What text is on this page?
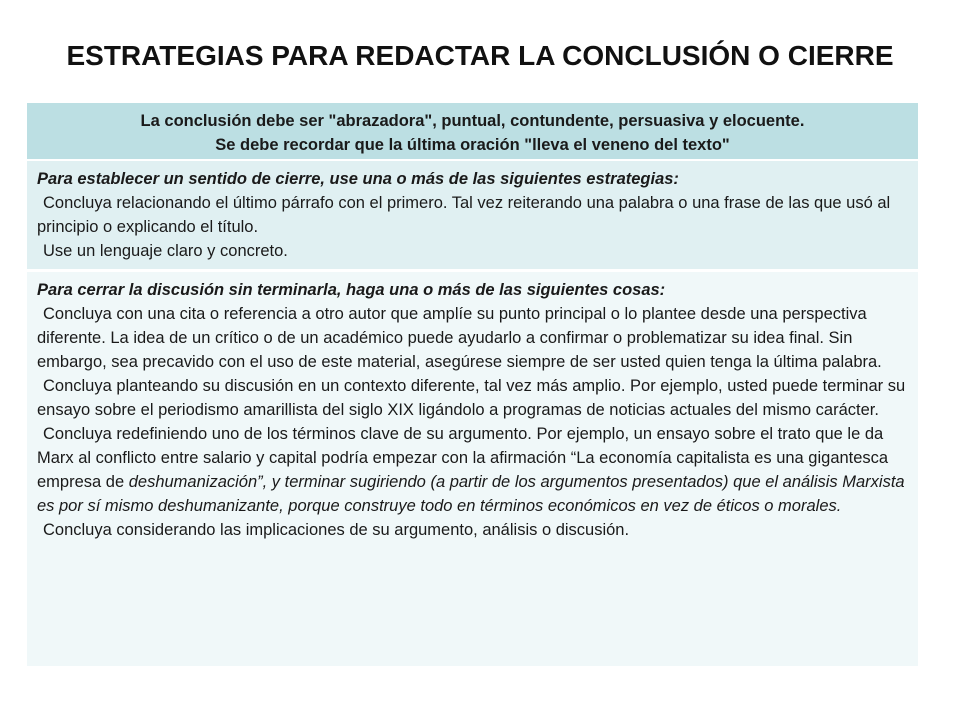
ESTRATEGIAS PARA REDACTAR LA CONCLUSIÓN O CIERRE
La conclusión debe ser "abrazadora", puntual, contundente, persuasiva y elocuente.
Se debe recordar que la última oración "lleva el veneno del texto"
Para establecer un sentido de cierre, use una o más de las siguientes estrategias:
Concluya relacionando el último párrafo con el primero. Tal vez reiterando una palabra o una frase de las que usó al principio o explicando el título.
Use un lenguaje claro y concreto.
Para cerrar la discusión sin terminarla, haga una o más de las siguientes cosas:
Concluya con una cita o referencia a otro autor que amplíe su punto principal o lo plantee desde una perspectiva diferente. La idea de un crítico o de un académico puede ayudarlo a confirmar o problematizar su idea final. Sin embargo, sea precavido con el uso de este material, asegúrese siempre de ser usted quien tenga la última palabra.
Concluya planteando su discusión en un contexto diferente, tal vez más amplio. Por ejemplo, usted puede terminar su ensayo sobre el periodismo amarillista del siglo XIX ligándolo a programas de noticias actuales del mismo carácter.
Concluya redefiniendo uno de los términos clave de su argumento. Por ejemplo, un ensayo sobre el trato que le da Marx al conflicto entre salario y capital podría empezar con la afirmación “La economía capitalista es una gigantesca empresa de deshumanización”, y terminar sugiriendo (a partir de los argumentos presentados) que el análisis Marxista es por sí mismo deshumanizante, porque construye todo en términos económicos en vez de éticos o morales.
Concluya considerando las implicaciones de su argumento, análisis o discusión.
